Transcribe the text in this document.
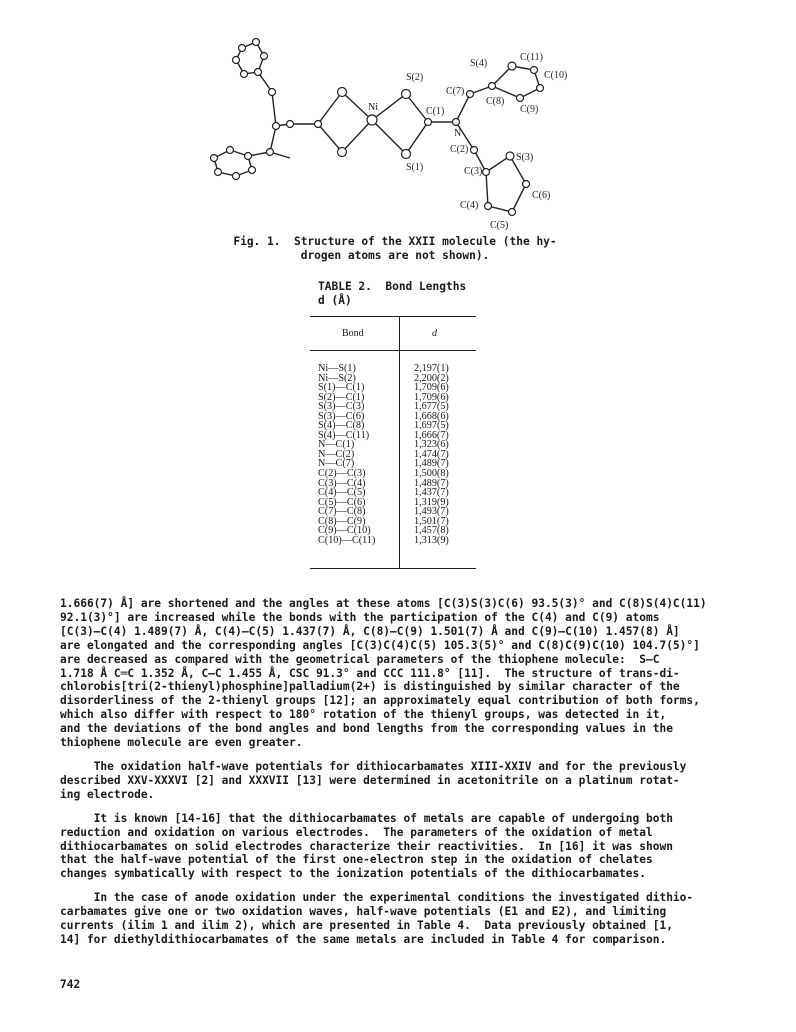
Ni
S(2)
S(1)
C(1)
N
C(7)
S(4)
C(11)
C(10)
C(9)
C(8)
C(2)
C(3)
S(3)
C(6)
C(4)
C(5)
Fig. 1.  Structure of the XXII molecule (the hy-
drogen atoms are not shown).
TABLE 2.  Bond Lengths
d (Å)
Bond	d
Ni—S(1)
Ni—S(2)
S(1)—C(1)
S(2)—C(1)
S(3)—C(3)
S(3)—C(6)
S(4)—C(8)
S(4)—C(11)
N—C(1)
N—C(2)
N—C(7)
C(2)—C(3)
C(3)—C(4)
C(4)—C(5)
C(5)—C(6)
C(7)—C(8)
C(8)—C(9)
C(9)—C(10)
C(10)—C(11)
2,197(1)
2,200(2)
1,709(6)
1,709(6)
1,677(5)
1,668(6)
1,697(5)
1,666(7)
1,323(6)
1,474(7)
1,489(7)
1,500(8)
1,489(7)
1,437(7)
1,319(9)
1,493(7)
1,501(7)
1,457(8)
1,313(9)

1.666(7) Å] are shortened and the angles at these atoms [C(3)S(3)C(6) 93.5(3)° and C(8)S(4)C(11)
92.1(3)°] are increased while the bonds with the participation of the C(4) and C(9) atoms
[C(3)—C(4) 1.489(7) Å, C(4)—C(5) 1.437(7) Å, C(8)—C(9) 1.501(7) Å and C(9)—C(10) 1.457(8) Å]
are elongated and the corresponding angles [C(3)C(4)C(5) 105.3(5)° and C(8)C(9)C(10) 104.7(5)°]
are decreased as compared with the geometrical parameters of the thiophene molecule:  S—C
1.718 Å C═C 1.352 Å, C—C 1.455 Å, CSC 91.3° and CCC 111.8° [11].  The structure of trans-di-
chlorobis[tri(2-thienyl)phosphine]palladium(2+) is distinguished by similar character of the
disorderliness of the 2-thienyl groups [12]; an approximately equal contribution of both forms,
which also differ with respect to 180° rotation of the thienyl groups, was detected in it,
and the deviations of the bond angles and bond lengths from the corresponding values in the
thiophene molecule are even greater.

The oxidation half-wave potentials for dithiocarbamates XIII-XXIV and for the previously
described XXV-XXXVI [2] and XXXVII [13] were determined in acetonitrile on a platinum rotat-
ing electrode.

It is known [14-16] that the dithiocarbamates of metals are capable of undergoing both
reduction and oxidation on various electrodes.  The parameters of the oxidation of metal
dithiocarbamates on solid electrodes characterize their reactivities.  In [16] it was shown
that the half-wave potential of the first one-electron step in the oxidation of chelates
changes symbatically with respect to the ionization potentials of the dithiocarbamates.

In the case of anode oxidation under the experimental conditions the investigated dithio-
carbamates give one or two oxidation waves, half-wave potentials (E1 and E2), and limiting
currents (ilim 1 and ilim 2), which are presented in Table 4.  Data previously obtained [1,
14] for diethyldithiocarbamates of the same metals are included in Table 4 for comparison.

742
